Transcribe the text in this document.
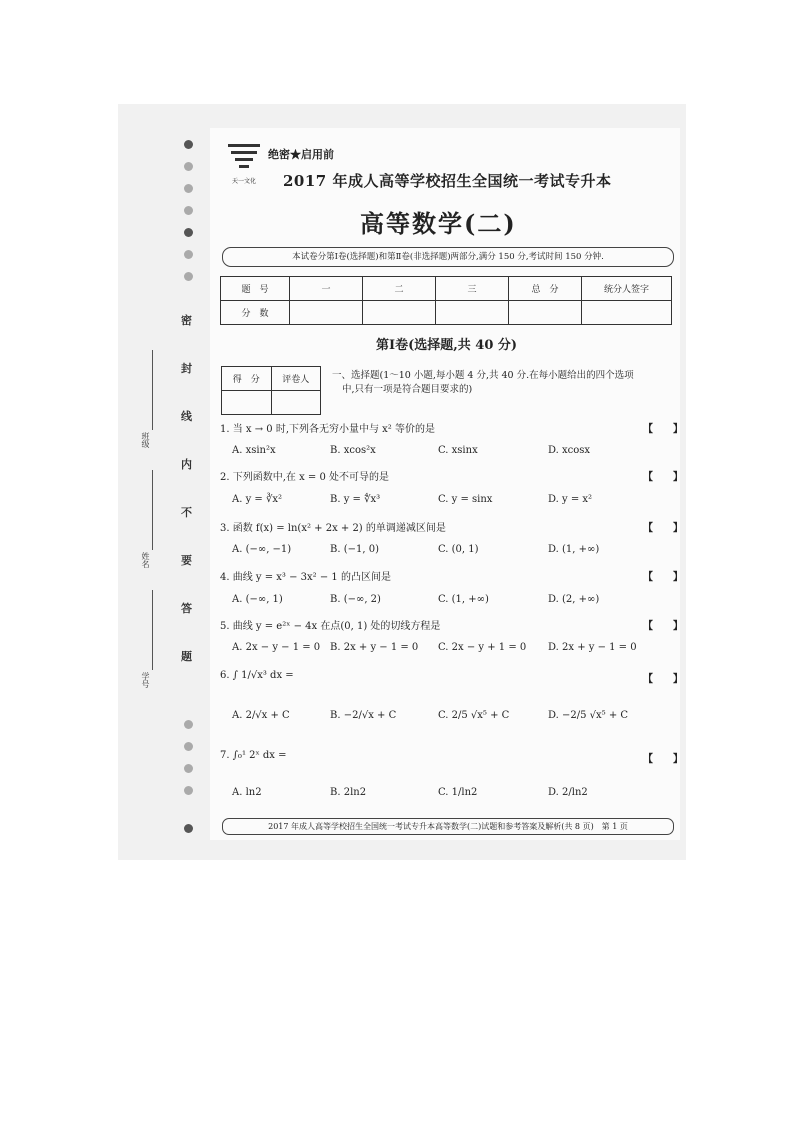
班级
姓名
学号
密
封
线
内
不
要
答
题
天一文化
绝密★启用前
2017 年成人高等学校招生全国统一考试专升本
高等数学(二)
本试卷分第Ⅰ卷(选择题)和第Ⅱ卷(非选择题)两部分,满分 150 分,考试时间 150 分钟.
题　号	一	二	三	总　分	统分人签字
分　数					
第Ⅰ卷(选择题,共 40 分)
得　分	评卷人
	一、选择题(1～10 小题,每小题 4 分,共 40 分.在每小题给出的四个选项
中,只有一项是符合题目要求的)
1. 当 x → 0 时,下列各无穷小量中与 x² 等价的是	【　　】
A. xsin²x	B. xcos²x	C. xsinx	D. xcosx
2. 下列函数中,在 x = 0 处不可导的是	【　　】
A. y = ∛x²	B. y = ∜x³	C. y = sinx	D. y = x²
3. 函数 f(x) = ln(x² + 2x + 2) 的单调递减区间是	【　　】
A. (−∞, −1)	B. (−1, 0)	C. (0, 1)	D. (1, +∞)
4. 曲线 y = x³ − 3x² − 1 的凸区间是	【　　】
A. (−∞, 1)	B. (−∞, 2)	C. (1, +∞)	D. (2, +∞)
5. 曲线 y = e²ˣ − 4x 在点(0, 1) 处的切线方程是	【　　】
A. 2x − y − 1 = 0 B. 2x + y − 1 = 0 C. 2x − y + 1 = 0 D. 2x + y − 1 = 0
6. ∫ 1/√x³ dx =	【　　】
A. 2/√x + C	B. −2/√x + C	C. 2/5 √x⁵ + C	D. −2/5 √x⁵ + C
7. ∫₀¹ 2ˣ dx =	【　　】
A. ln2	B. 2ln2	C. 1/ln2	D. 2/ln2
2017 年成人高等学校招生全国统一考试专升本高等数学(二)试题和参考答案及解析(共 8 页)　第 1 页
